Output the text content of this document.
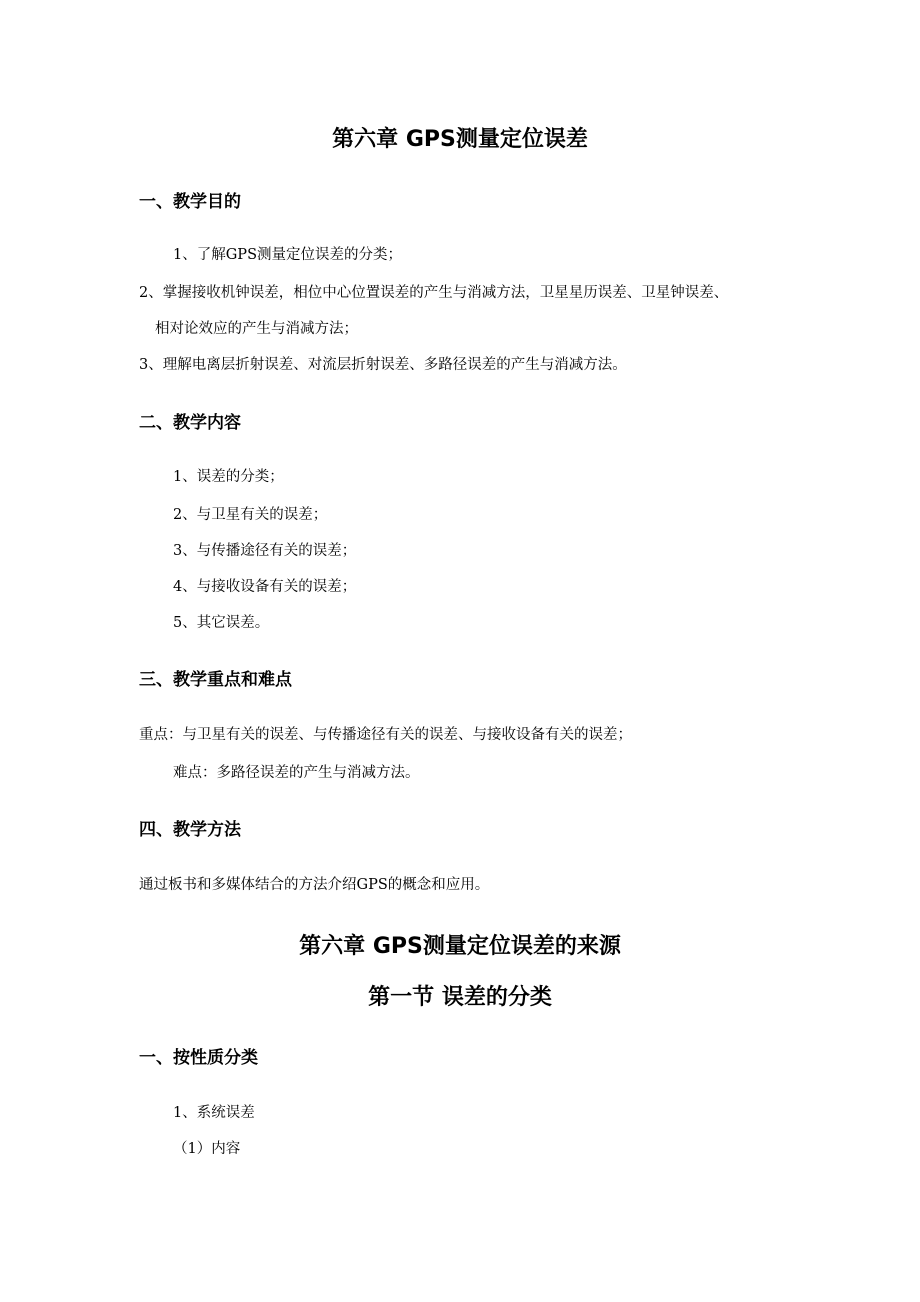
第六章 GPS测量定位误差
一、教学目的

1、了解GPS测量定位误差的分类；

2、掌握接收机钟误差，相位中心位置误差的产生与消减方法，卫星星历误差、卫星钟误差、

相对论效应的产生与消减方法；

3、理解电离层折射误差、对流层折射误差、多路径误差的产生与消减方法。

二、教学内容

1、误差的分类；

2、与卫星有关的误差；

3、与传播途径有关的误差；

4、与接收设备有关的误差；

5、其它误差。

三、教学重点和难点

重点：与卫星有关的误差、与传播途径有关的误差、与接收设备有关的误差；

难点：多路径误差的产生与消减方法。

四、教学方法

通过板书和多媒体结合的方法介绍GPS的概念和应用。

第六章 GPS测量定位误差的来源
第一节 误差的分类
一、按性质分类

1、系统误差

（1）内容
